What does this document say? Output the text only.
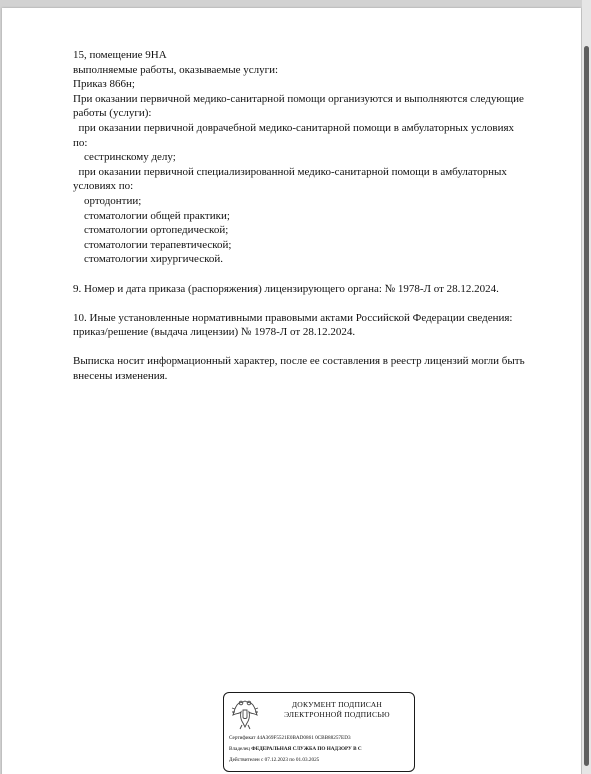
15, помещение 9НА

выполняемые работы, оказываемые услуги:

Приказ 866н;

При оказании первичной медико-санитарной помощи организуются и выполняются следующие

работы (услуги):

при оказании первичной доврачебной медико-санитарной помощи в амбулаторных условиях

по:

сестринскому делу;

при оказании первичной специализированной медико-санитарной помощи в амбулаторных

условиях по:

ортодонтии;

стоматологии общей практики;

стоматологии ортопедической;

стоматологии терапевтической;

стоматологии хирургической.

9. Номер и дата приказа (распоряжения) лицензирующего органа: № 1978-Л от 28.12.2024.

10. Иные установленные нормативными правовыми актами Российской Федерации сведения:

приказ/решение (выдача лицензии) № 1978-Л от 28.12.2024.

Выписка носит информационный характер, после ее составления в реестр лицензий могли быть

внесены изменения.

ДОКУМЕНТ ПОДПИСАН
ЭЛЕКТРОННОЙ ПОДПИСЬЮ
Сертификат 44A369F5521E0BAD0861 0CBB88257ED3
Владелец ФЕДЕРАЛЬНАЯ СЛУЖБА ПО НАДЗОРУ В С
Действителен с 07.12.2023 по 01.03.2025
